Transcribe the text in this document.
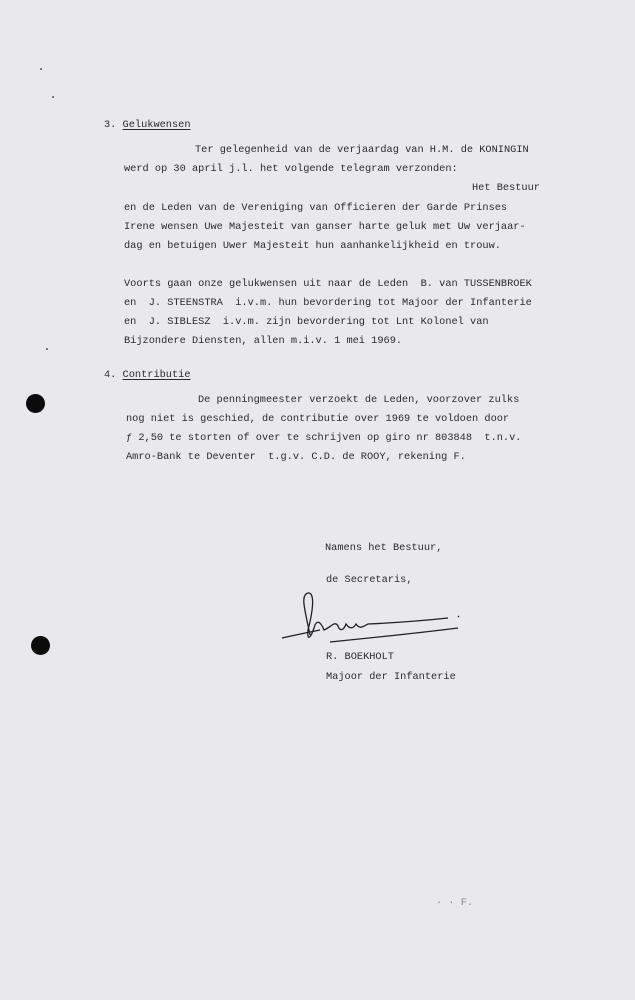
3. Gelukwensen
Ter gelegenheid van de verjaardag van H.M. de KONINGIN
werd op 30 april j.l. het volgende telegram verzonden:
Het Bestuur
en de Leden van de Vereniging van Officieren der Garde Prinses
Irene wensen Uwe Majesteit van ganser harte geluk met Uw verjaar-
dag en betuigen Uwer Majesteit hun aanhankelijkheid en trouw.
Voorts gaan onze gelukwensen uit naar de Leden  B. van TUSSENBROEK
en  J. STEENSTRA  i.v.m. hun bevordering tot Majoor der Infanterie
en  J. SIBLESZ  i.v.m. zijn bevordering tot Lnt Kolonel van
Bijzondere Diensten, allen m.i.v. 1 mei 1969.
4. Contributie
De penningmeester verzoekt de Leden, voorzover zulks
nog niet is geschied, de contributie over 1969 te voldoen door
ƒ 2,50 te storten of over te schrijven op giro nr 803848  t.n.v.
Amro-Bank te Deventer  t.g.v. C.D. de ROOY, rekening F.
Namens het Bestuur,
de Secretaris,
R. BOEKHOLT
Majoor der Infanterie
· · F.
